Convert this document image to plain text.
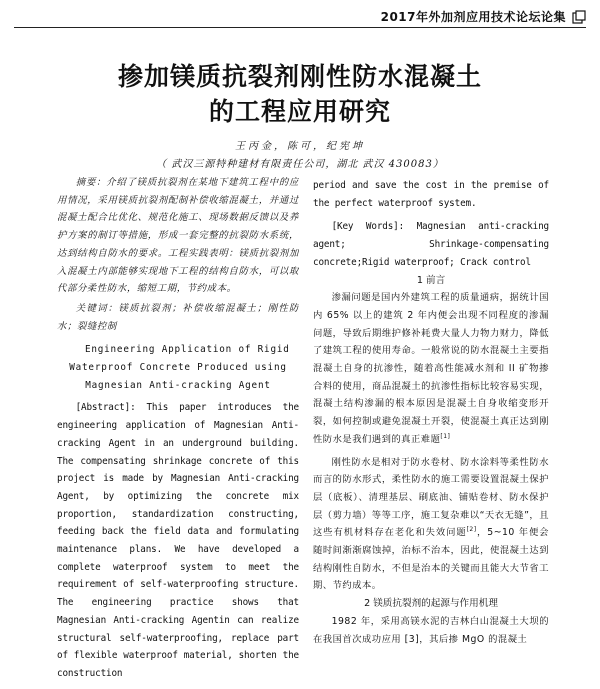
2017年外加剂应用技术论坛论集
掺加镁质抗裂剂刚性防水混凝土
的工程应用研究
王丙金，陈可，纪宪坤
（ 武汉三源特种建材有限责任公司，湖北 武汉 430083）

摘要：介绍了镁质抗裂剂在某地下建筑工程中的应用情况，采用镁质抗裂剂配制补偿收缩混凝土，并通过混凝土配合比优化、规范化施工、现场数据反馈以及养护方案的制订等措施，形成一套完整的抗裂防水系统，达到结构自防水的要求。工程实践表明：镁质抗裂剂加入混凝土内部能够实现地下工程的结构自防水，可以取代部分柔性防水，缩短工期，节约成本。

关键词：镁质抗裂剂；补偿收缩混凝土；刚性防水；裂缝控制

Engineering Application of Rigid Waterproof Concrete Produced using Magnesian Anti-cracking Agent

[Abstract]: This paper introduces the engineering application of Magnesian Anti-cracking Agent in an underground building. The compensating shrinkage concrete of this project is made by Magnesian Anti-cracking Agent, by optimizing the concrete mix proportion, standardization constructing, feeding back the field data and formulating maintenance plans. We have developed a complete waterproof system to meet the requirement of self-waterproofing structure. The engineering practice shows that Magnesian Anti-cracking Agentin can realize structural self-waterproofing, replace part of flexible waterproof material, shorten the construction

period and save the cost in the premise of the perfect waterproof system.

[Key Words]: Magnesian anti-cracking agent; Shrinkage-compensating concrete;Rigid waterproof; Crack control

1 前言

渗漏问题是国内外建筑工程的质量通病，据统计国内 65% 以上的建筑 2 年内便会出现不同程度的渗漏问题，导致后期维护修补耗费大量人力物力财力，降低了建筑工程的使用寿命。一般常说的防水混凝土主要指混凝土自身的抗渗性，随着高性能减水剂和 II 矿物掺合料的使用，商品混凝土的抗渗性指标比较容易实现，混凝土结构渗漏的根本原因是混凝土自身收缩变形开裂，如何控制或避免混凝土开裂，使混凝土真正达到刚性防水是我们遇到的真正难题[1]

刚性防水是相对于防水卷材、防水涂料等柔性防水而言的防水形式，柔性防水的施工需要设置混凝土保护层（底板）、清理基层、刷底油、铺贴卷材、防水保护层（剪力墙）等等工序，施工复杂难以“天衣无缝”，且这些有机材料存在老化和失效问题[2]，5~10 年便会随时间渐渐腐蚀掉，治标不治本，因此，使混凝土达到结构刚性自防水，不但是治本的关键而且能大大节省工期、节约成本。

2 镁质抗裂剂的起源与作用机理

1982 年，采用高镁水泥的吉林白山混凝土大坝的在我国首次成功应用 [3]，其后掺 MgO 的混凝土
